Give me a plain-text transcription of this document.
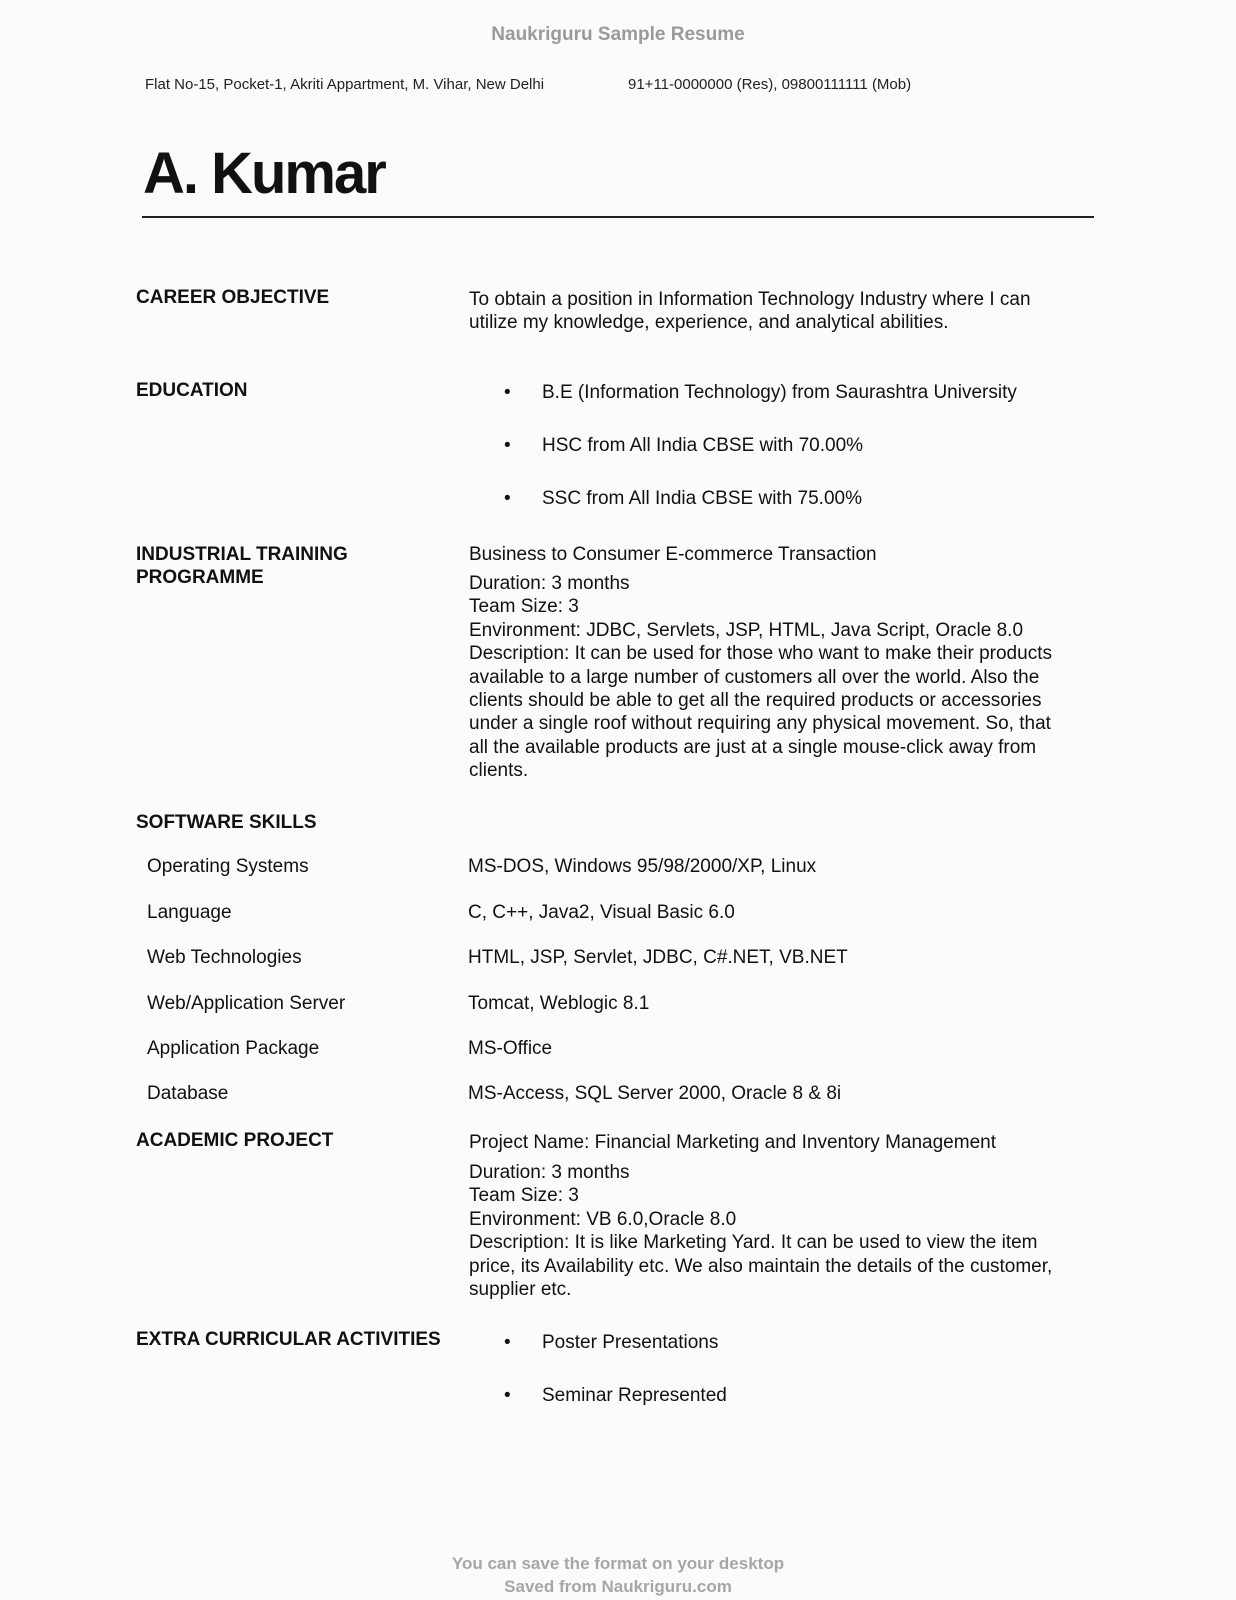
Naukriguru Sample Resume
Flat No-15, Pocket-1, Akriti Appartment, M. Vihar, New Delhi	91+11-0000000 (Res), 09800111111 (Mob)
A. Kumar
CAREER OBJECTIVE	To obtain a position in Information Technology Industry where I can
utilize my knowledge, experience, and analytical abilities.
EDUCATION	• B.E (Information Technology) from Saurashtra University
• HSC from All India CBSE with 70.00%
• SSC from All India CBSE with 75.00%
INDUSTRIAL TRAINING
PROGRAMME
Business to Consumer E-commerce Transaction
Duration: 3 months
Team Size: 3
Environment: JDBC, Servlets, JSP, HTML, Java Script, Oracle 8.0
Description: It can be used for those who want to make their products
available to a large number of customers all over the world. Also the
clients should be able to get all the required products or accessories
under a single roof without requiring any physical movement. So, that
all the available products are just at a single mouse-click away from
clients.
SOFTWARE SKILLS
Operating Systems	MS-DOS, Windows 95/98/2000/XP, Linux
Language	C, C++, Java2, Visual Basic 6.0
Web Technologies	HTML, JSP, Servlet, JDBC, C#.NET, VB.NET
Web/Application Server	Tomcat, Weblogic 8.1
Application Package	MS-Office
Database	MS-Access, SQL Server 2000, Oracle 8 & 8i
ACADEMIC PROJECT	Project Name: Financial Marketing and Inventory Management
Duration: 3 months
Team Size: 3
Environment: VB 6.0,Oracle 8.0
Description: It is like Marketing Yard. It can be used to view the item
price, its Availability etc. We also maintain the details of the customer,
supplier etc.
EXTRA CURRICULAR ACTIVITIES	• Poster Presentations
• Seminar Represented
You can save the format on your desktop
Saved from Naukriguru.com
